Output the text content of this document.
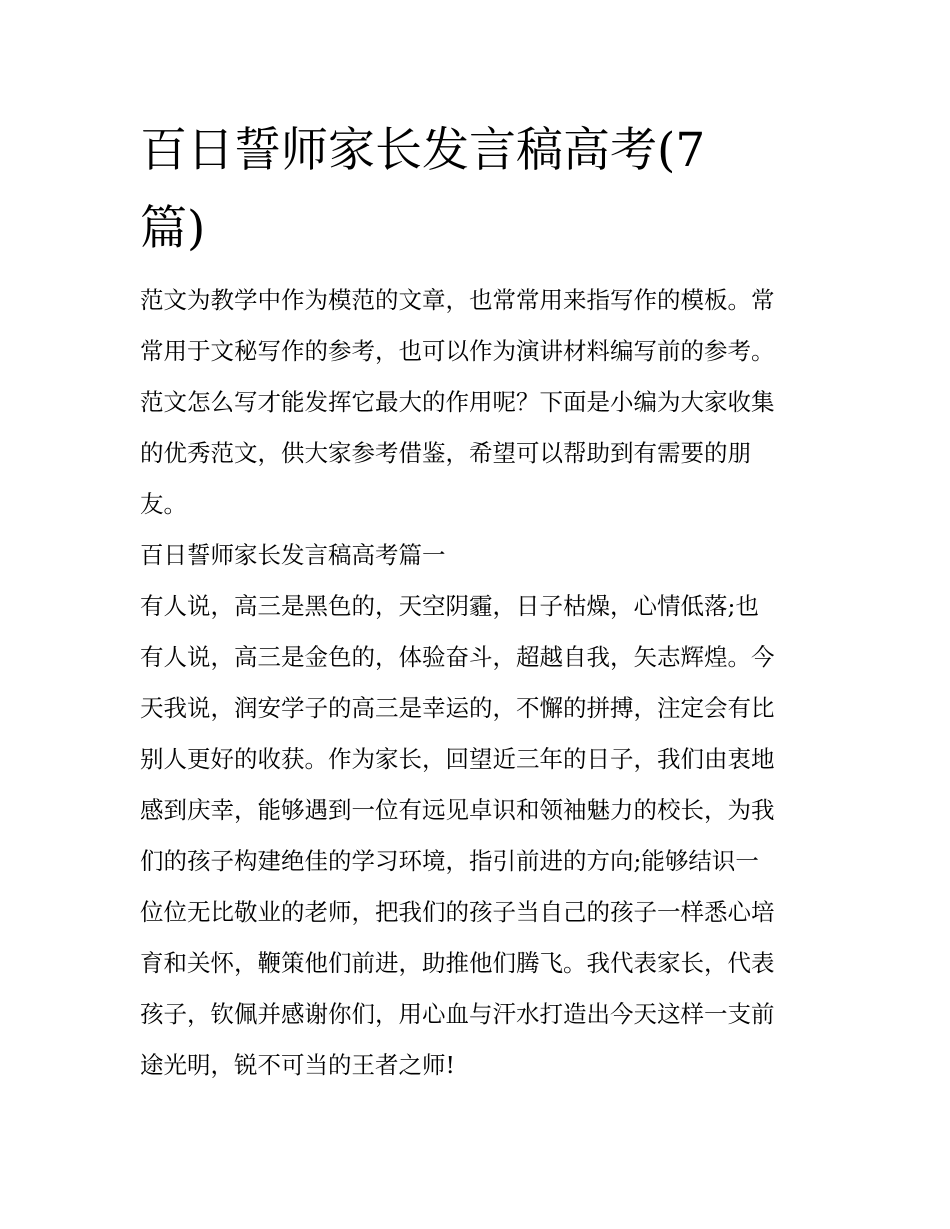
百日誓师家长发言稿高考(7
篇)
范文为教学中作为模范的文章，也常常用来指写作的模板。常
常用于文秘写作的参考，也可以作为演讲材料编写前的参考。
范文怎么写才能发挥它最大的作用呢？下面是小编为大家收集
的优秀范文，供大家参考借鉴，希望可以帮助到有需要的朋
友。
百日誓师家长发言稿高考篇一
有人说，高三是黑色的，天空阴霾，日子枯燥，心情低落;也
有人说，高三是金色的，体验奋斗，超越自我，矢志辉煌。今
天我说，润安学子的高三是幸运的，不懈的拼搏，注定会有比
别人更好的收获。作为家长，回望近三年的日子，我们由衷地
感到庆幸，能够遇到一位有远见卓识和领袖魅力的校长，为我
们的孩子构建绝佳的学习环境，指引前进的方向;能够结识一
位位无比敬业的老师，把我们的孩子当自己的孩子一样悉心培
育和关怀，鞭策他们前进，助推他们腾飞。我代表家长，代表
孩子，钦佩并感谢你们，用心血与汗水打造出今天这样一支前
途光明，锐不可当的王者之师!
